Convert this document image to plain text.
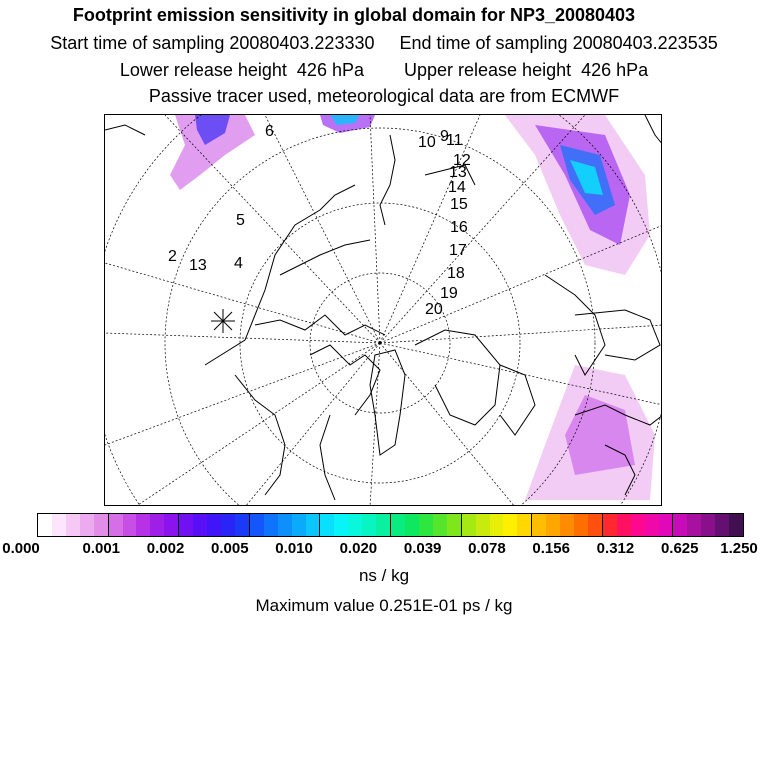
Footprint emission sensitivity in global domain for NP3_20080403
Start time of sampling 20080403.223330     End time of sampling 20080403.223535
Lower release height  426 hPa        Upper release height  426 hPa
Passive tracer used, meteorological data are from ECMWF
6
10 9
11
12
13
14
15
16
17
18
19
20
5
2
13 4
0.000	0.001 0.002 0.005 0.010 0.020 0.039 0.078 0.156 0.312 0.625 1.250
ns / kg
Maximum value 0.251E-01 ps / kg
